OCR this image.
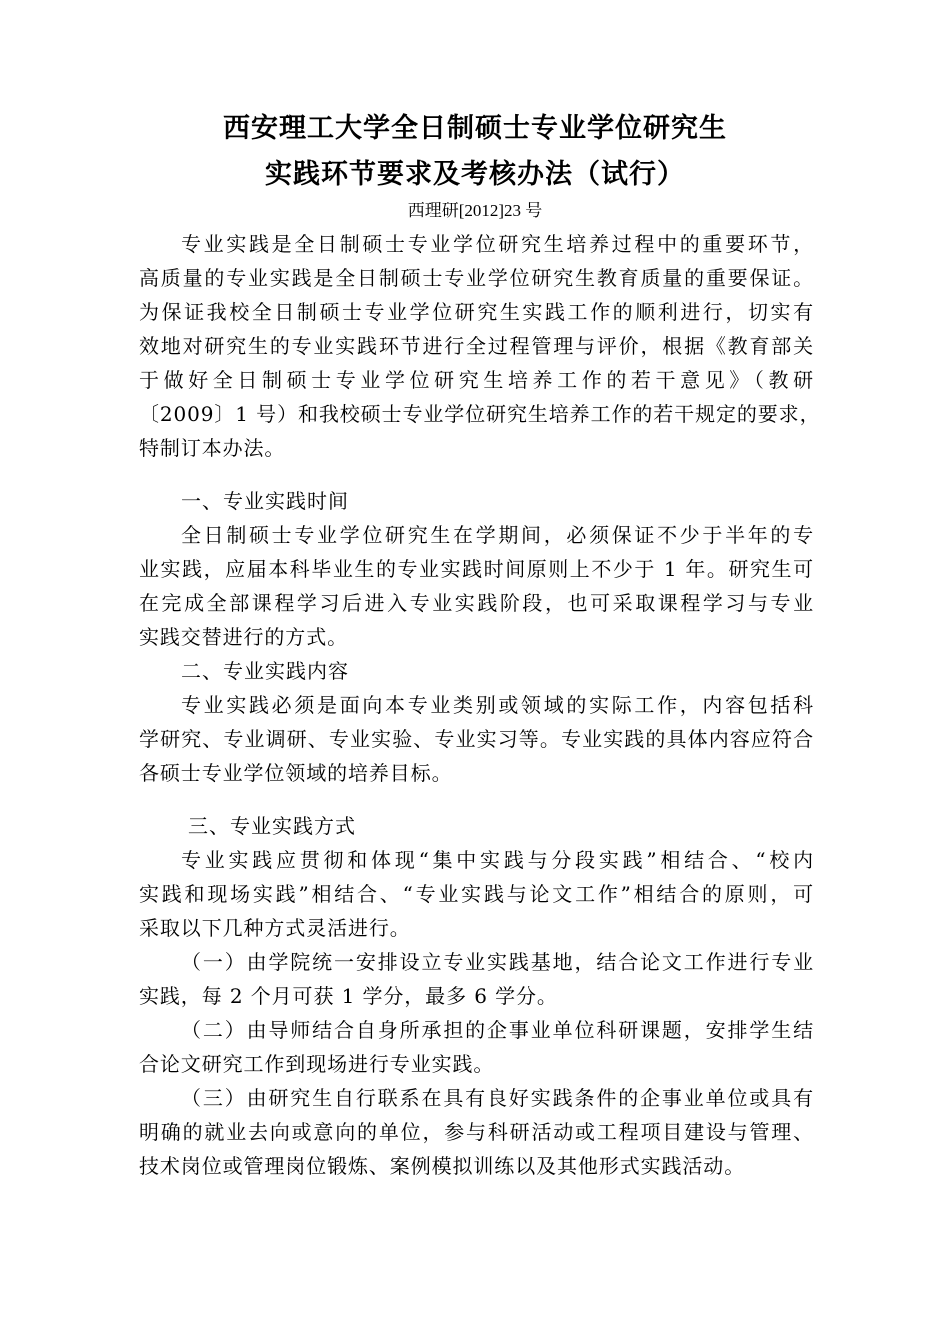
西安理工大学全日制硕士专业学位研究生
实践环节要求及考核办法（试行）
西理研[2012]23 号
专业实践是全日制硕士专业学位研究生培养过程中的重要环节，
高质量的专业实践是全日制硕士专业学位研究生教育质量的重要保证。
为保证我校全日制硕士专业学位研究生实践工作的顺利进行，切实有
效地对研究生的专业实践环节进行全过程管理与评价，根据《教育部关
于做好全日制硕士专业学位研究生培养工作的若干意见》（教研
〔2009〕1 号）和我校硕士专业学位研究生培养工作的若干规定的要求，
特制订本办法。
一、专业实践时间
全日制硕士专业学位研究生在学期间，必须保证不少于半年的专
业实践，应届本科毕业生的专业实践时间原则上不少于 1 年。研究生可
在完成全部课程学习后进入专业实践阶段，也可采取课程学习与专业
实践交替进行的方式。
二、专业实践内容
专业实践必须是面向本专业类别或领域的实际工作，内容包括科
学研究、专业调研、专业实验、专业实习等。专业实践的具体内容应符合
各硕士专业学位领域的培养目标。
三、专业实践方式
专业实践应贯彻和体现“集中实践与分段实践”相结合、“校内
实践和现场实践”相结合、“专业实践与论文工作”相结合的原则，可
采取以下几种方式灵活进行。
（一）由学院统一安排设立专业实践基地，结合论文工作进行专业
实践，每 2 个月可获 1 学分，最多 6 学分。
（二）由导师结合自身所承担的企事业单位科研课题，安排学生结
合论文研究工作到现场进行专业实践。
（三）由研究生自行联系在具有良好实践条件的企事业单位或具有
明确的就业去向或意向的单位，参与科研活动或工程项目建设与管理、
技术岗位或管理岗位锻炼、案例模拟训练以及其他形式实践活动。
